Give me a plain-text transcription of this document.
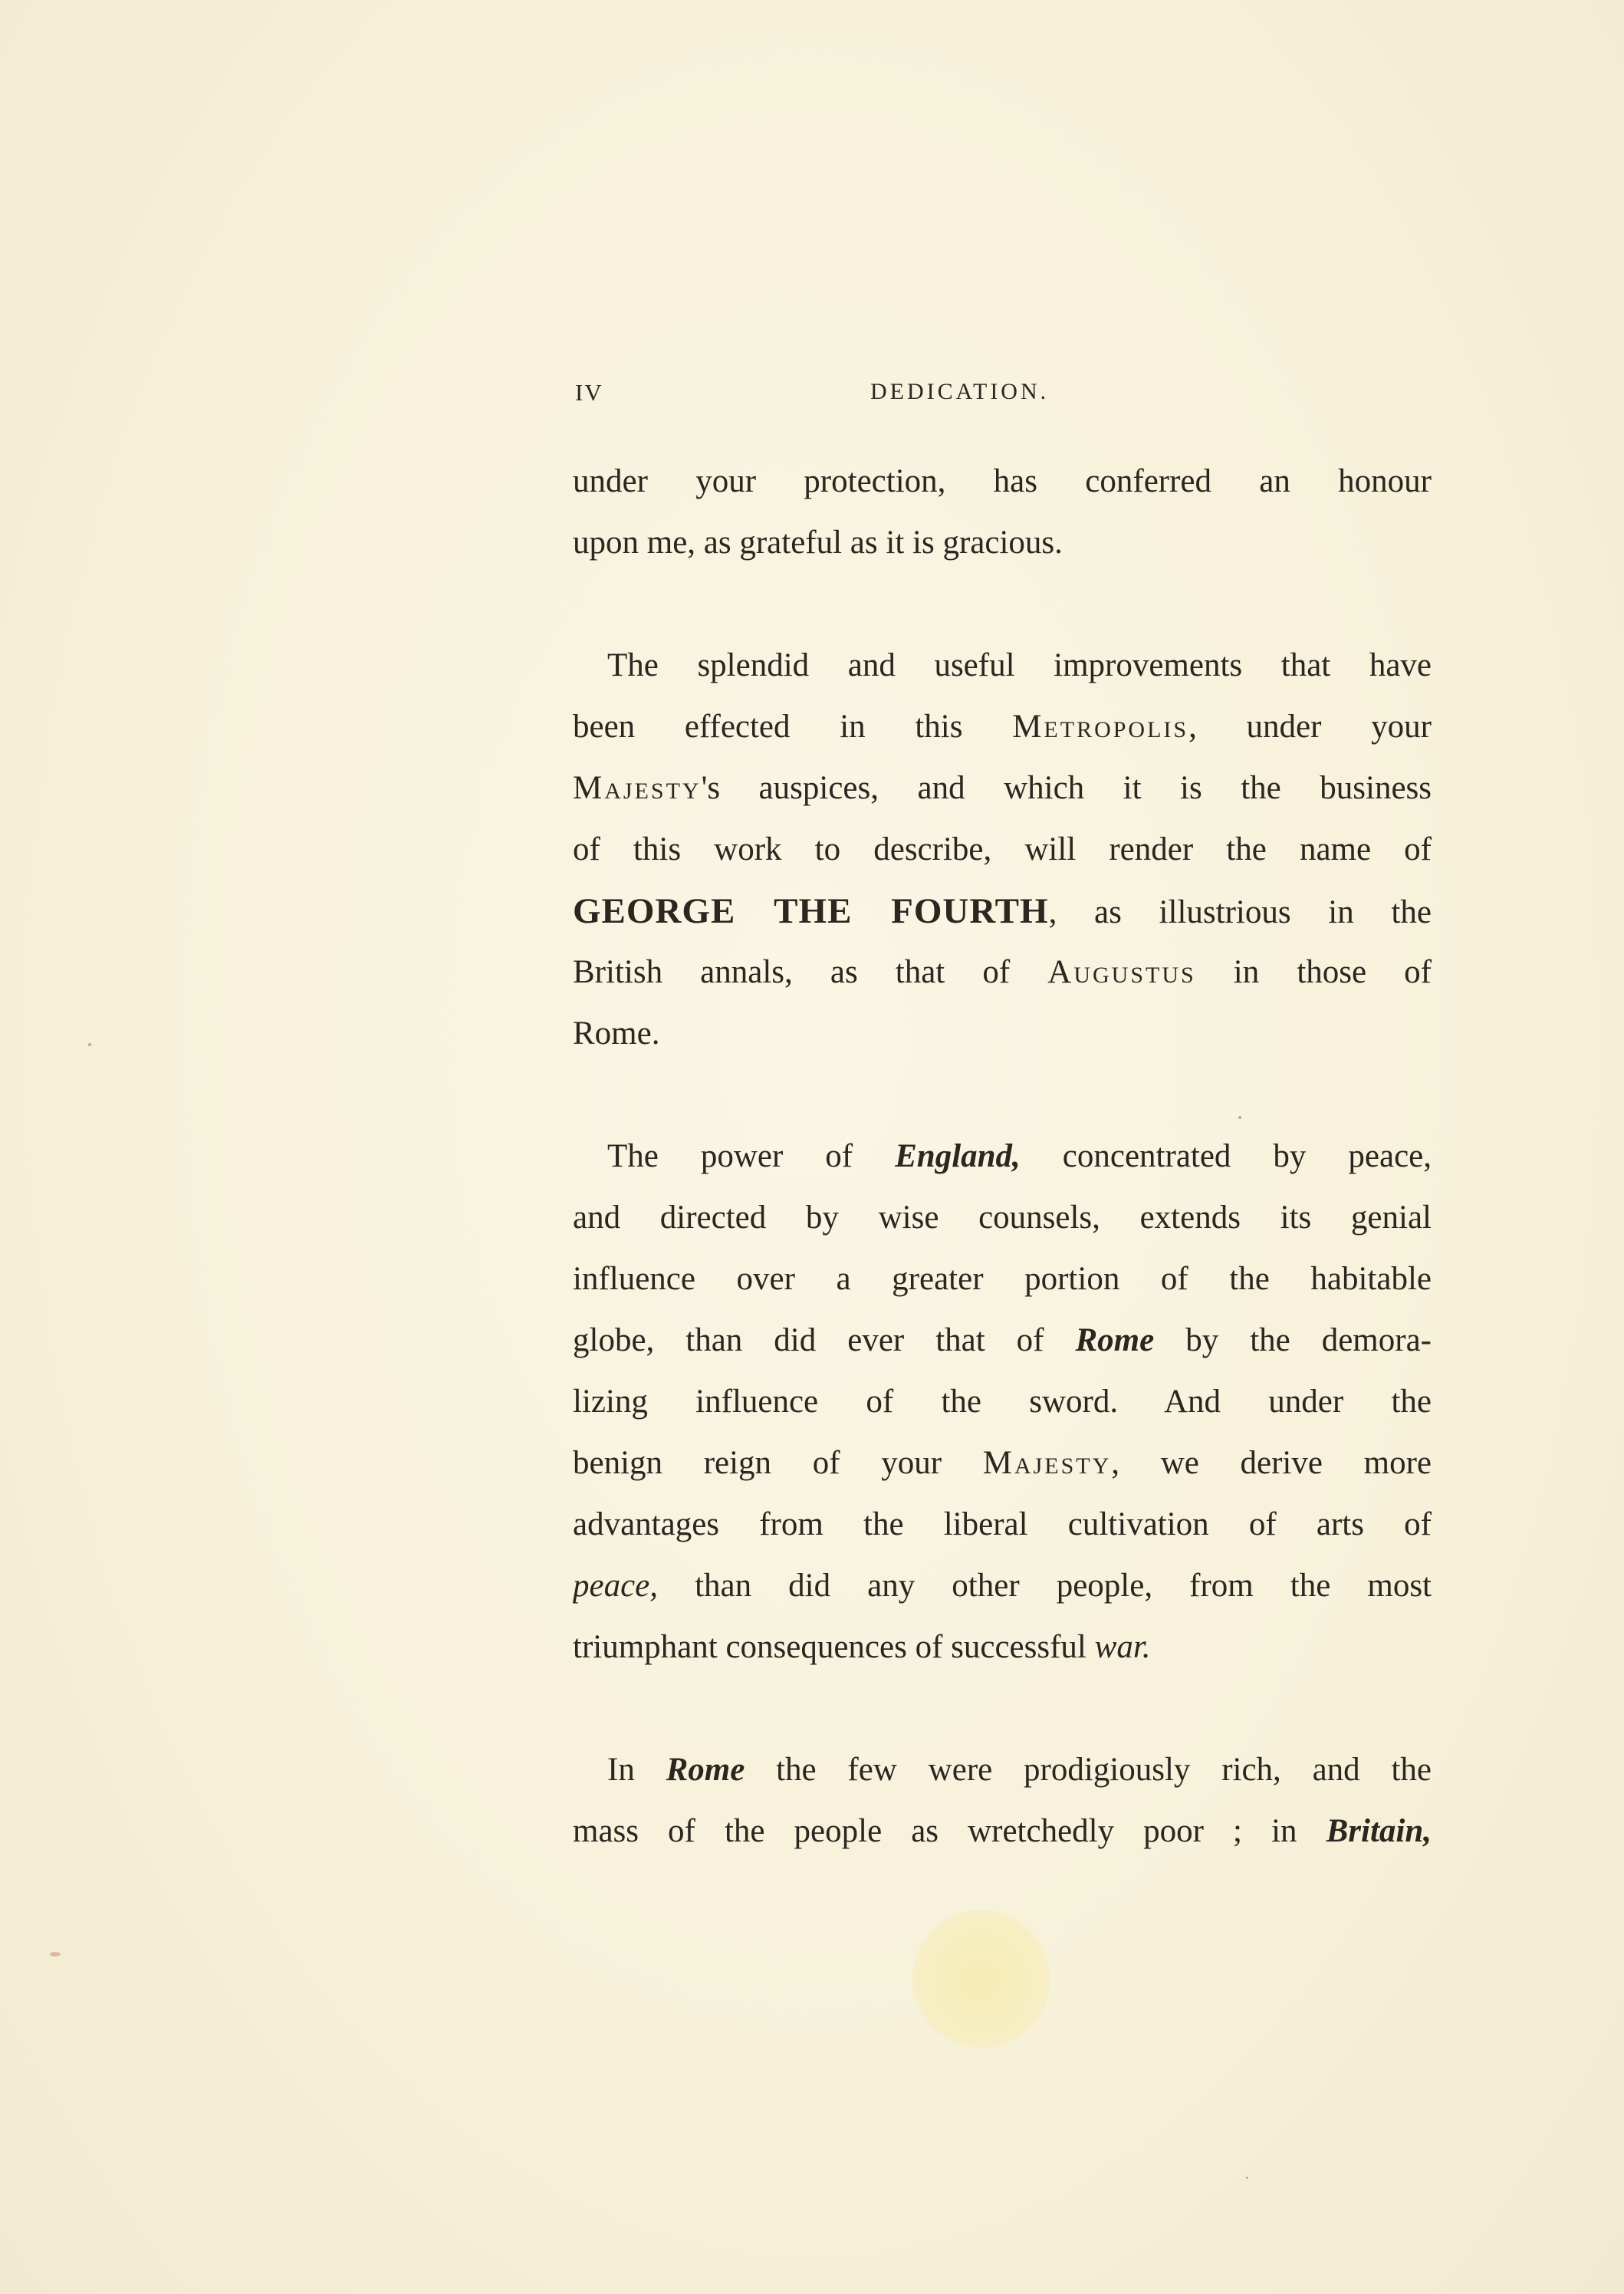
IV	DEDICATION.
under your protection, has conferred an honour
upon me, as grateful as it is gracious.
The splendid and useful improvements that have
been effected in this Metropolis, under your
Majesty's auspices, and which it is the business
of this work to describe, will render the name of
GEORGE THE FOURTH, as illustrious in the
British annals, as that of Augustus in those of
Rome.
The power of England, concentrated by peace,
and directed by wise counsels, extends its genial
influence over a greater portion of the habitable
globe, than did ever that of Rome by the demora-
lizing influence of the sword. And under the
benign reign of your Majesty, we derive more
advantages from the liberal cultivation of arts of
peace, than did any other people, from the most
triumphant consequences of successful war.
In Rome the few were prodigiously rich, and the
mass of the people as wretchedly poor ; in Britain,
